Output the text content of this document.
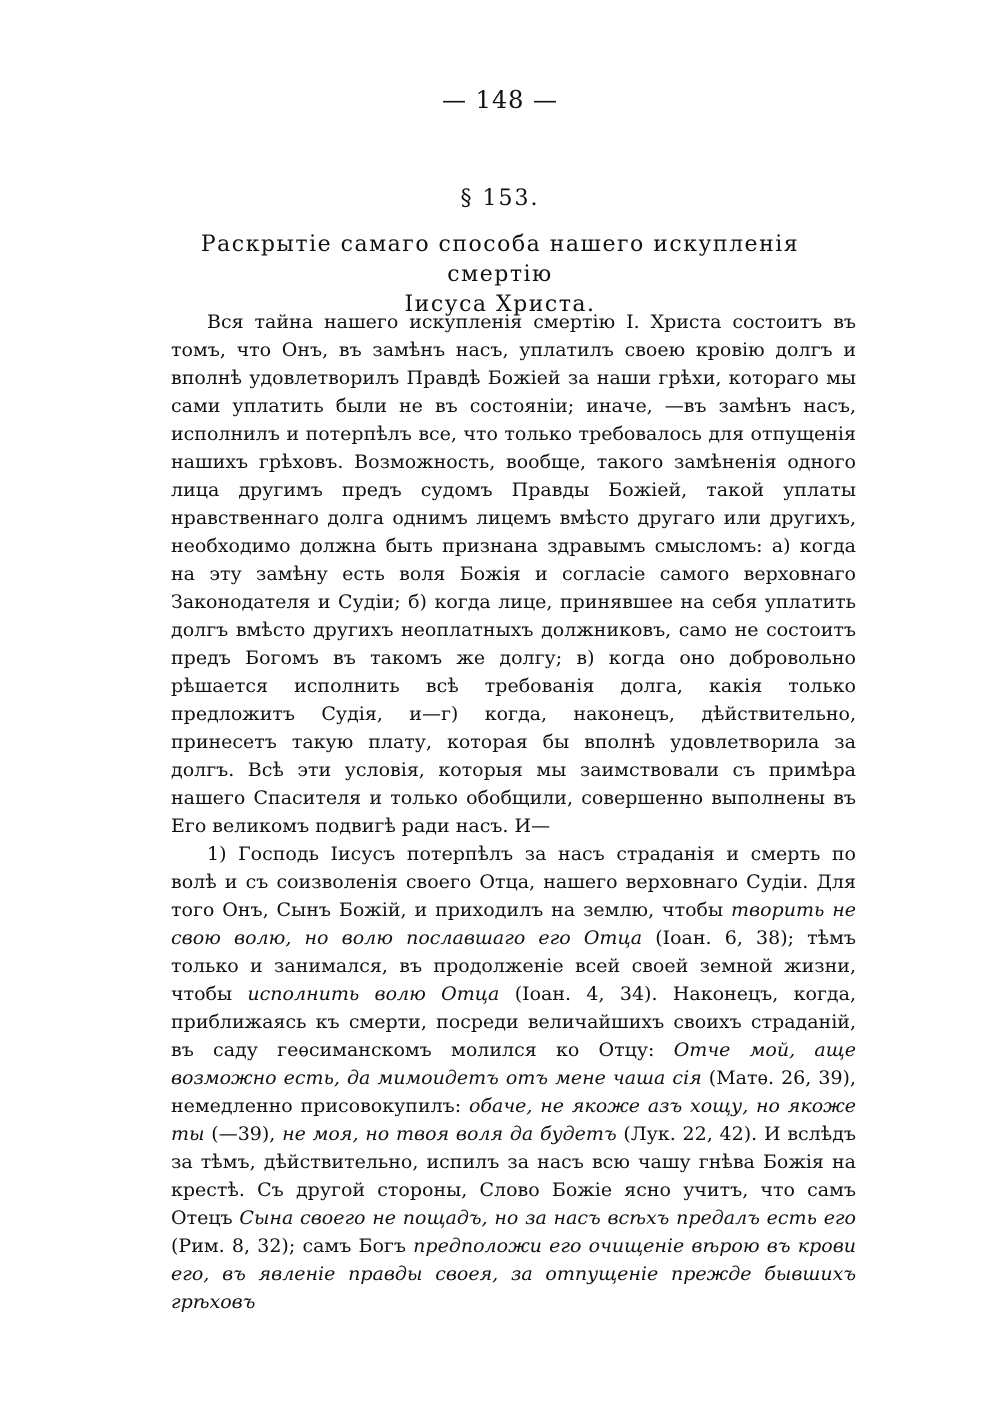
— 148 —
§ 153.
Раскрытіе самаго способа нашего искупленія смертію
Іисуса Христа.

Вся тайна нашего искупленія смертію І. Христа состоитъ въ томъ, что Онъ, въ замѣнъ насъ, уплатилъ своею кровію долгъ и вполнѣ удовлетворилъ Правдѣ Божіей за наши грѣхи, котораго мы сами уплатить были не въ состояніи; иначе, —въ замѣнъ насъ, исполнилъ и потерпѣлъ все, что только требовалось для отпущенія нашихъ грѣховъ. Возможность, вообще, такого замѣненія одного лица другимъ предъ судомъ Правды Божіей, такой уплаты нравственнаго долга однимъ лицемъ вмѣсто другаго или другихъ, необходимо должна быть признана здравымъ смысломъ: а) когда на эту замѣну есть воля Божія и согласіе самого верховнаго Законодателя и Судіи; б) когда лице, принявшее на себя уплатить долгъ вмѣсто другихъ неоплатныхъ должниковъ, само не состоитъ предъ Богомъ въ такомъ же долгу; в) когда оно добровольно рѣшается исполнить всѣ требованія долга, какія только предложитъ Судія, и—г) когда, наконецъ, дѣйствительно, принесетъ такую плату, которая бы вполнѣ удовлетворила за долгъ. Всѣ эти условія, которыя мы заимствовали съ примѣра нашего Спасителя и только обобщили, совершенно выполнены въ Его великомъ подвигѣ ради насъ. И—

1) Господь Іисусъ потерпѣлъ за насъ страданія и смерть по волѣ и съ соизволенія своего Отца, нашего верховнаго Судіи. Для того Онъ, Сынъ Божій, и приходилъ на землю, чтобы творить не свою волю, но волю пославшаго его Отца (Іоан. 6, 38); тѣмъ только и занимался, въ продолженіе всей своей земной жизни, чтобы исполнить волю Отца (Іоан. 4, 34). Наконецъ, когда, приближаясь къ смерти, посреди величайшихъ своихъ страданій, въ саду геѳсиманскомъ молился ко Отцу: Отче мой, аще возможно есть, да мимоидетъ отъ мене чаша сія (Матѳ. 26, 39), немедленно присовокупилъ: обаче, не якоже азъ хощу, но якоже ты (—39), не моя, но твоя воля да будетъ (Лук. 22, 42). И вслѣдъ за тѣмъ, дѣйствительно, испилъ за насъ всю чашу гнѣва Божія на крестѣ. Съ другой стороны, Слово Божіе ясно учитъ, что самъ Отецъ Сына своего не пощадъ, но за насъ всѣхъ предалъ есть его (Рим. 8, 32); самъ Богъ предположи его очищеніе вѣрою въ крови его, въ явленіе правды своея, за отпущеніе прежде бывшихъ грѣховъ
